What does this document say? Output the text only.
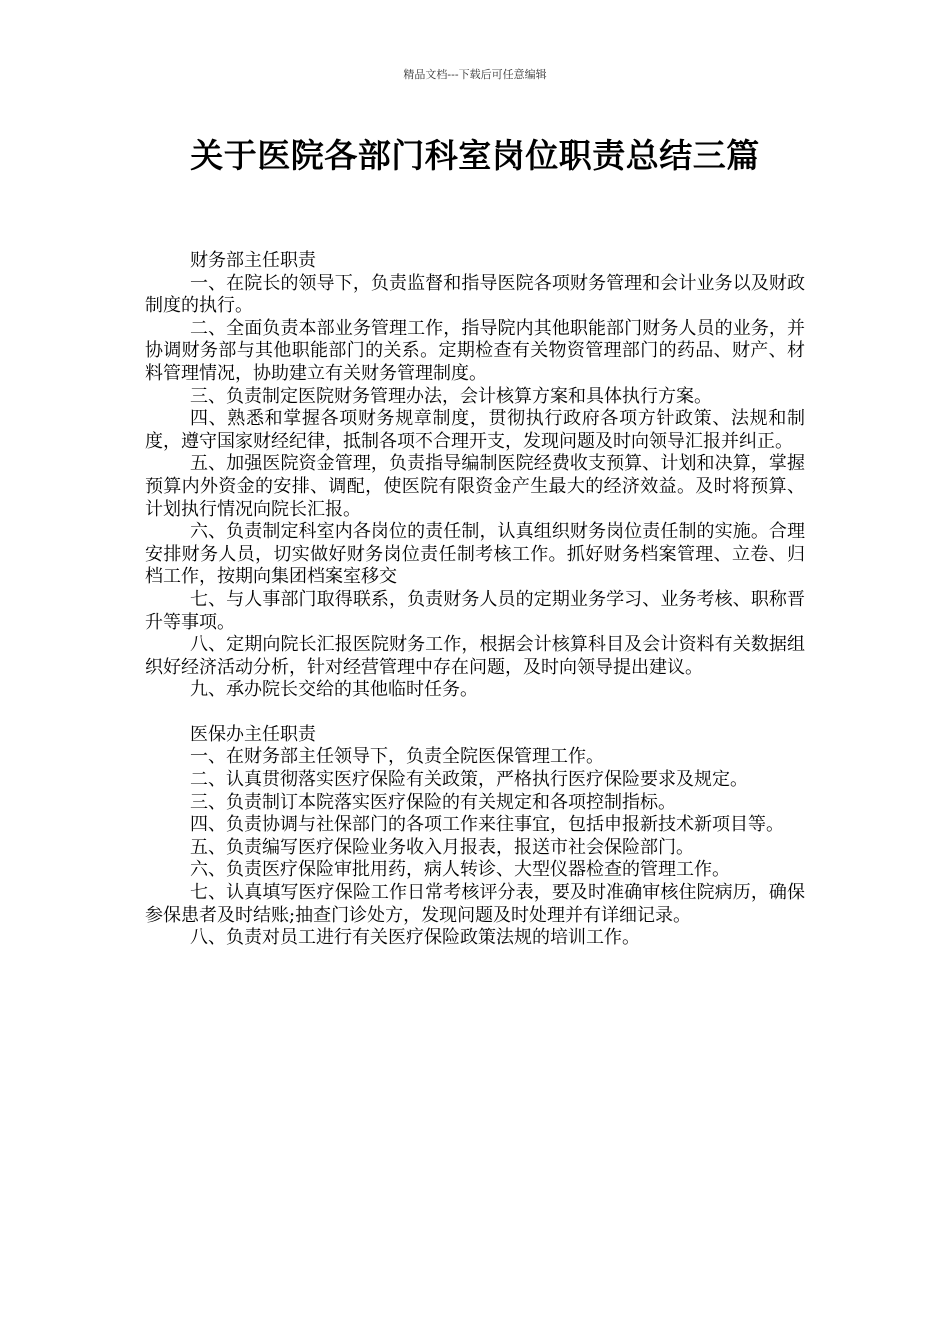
精品文档---下载后可任意编辑
关于医院各部门科室岗位职责总结三篇

财务部主任职责

一、在院长的领导下，负责监督和指导医院各项财务管理和会计业务以及财政制度的执行。

二、全面负责本部业务管理工作，指导院内其他职能部门财务人员的业务，并协调财务部与其他职能部门的关系。定期检查有关物资管理部门的药品、财产、材料管理情况，协助建立有关财务管理制度。

三、负责制定医院财务管理办法，会计核算方案和具体执行方案。

四、熟悉和掌握各项财务规章制度，贯彻执行政府各项方针政策、法规和制度，遵守国家财经纪律，抵制各项不合理开支，发现问题及时向领导汇报并纠正。

五、加强医院资金管理，负责指导编制医院经费收支预算、计划和决算，掌握预算内外资金的安排、调配，使医院有限资金产生最大的经济效益。及时将预算、计划执行情况向院长汇报。

六、负责制定科室内各岗位的责任制，认真组织财务岗位责任制的实施。合理安排财务人员，切实做好财务岗位责任制考核工作。抓好财务档案管理、立卷、归档工作，按期向集团档案室移交

七、与人事部门取得联系，负责财务人员的定期业务学习、业务考核、职称晋升等事项。

八、定期向院长汇报医院财务工作，根据会计核算科目及会计资料有关数据组织好经济活动分析，针对经营管理中存在问题，及时向领导提出建议。

九、承办院长交给的其他临时任务。

医保办主任职责

一、在财务部主任领导下，负责全院医保管理工作。

二、认真贯彻落实医疗保险有关政策，严格执行医疗保险要求及规定。

三、负责制订本院落实医疗保险的有关规定和各项控制指标。

四、负责协调与社保部门的各项工作来往事宜，包括申报新技术新项目等。

五、负责编写医疗保险业务收入月报表，报送市社会保险部门。

六、负责医疗保险审批用药，病人转诊、大型仪器检查的管理工作。

七、认真填写医疗保险工作日常考核评分表，要及时准确审核住院病历，确保参保患者及时结账;抽查门诊处方，发现问题及时处理并有详细记录。

八、负责对员工进行有关医疗保险政策法规的培训工作。
